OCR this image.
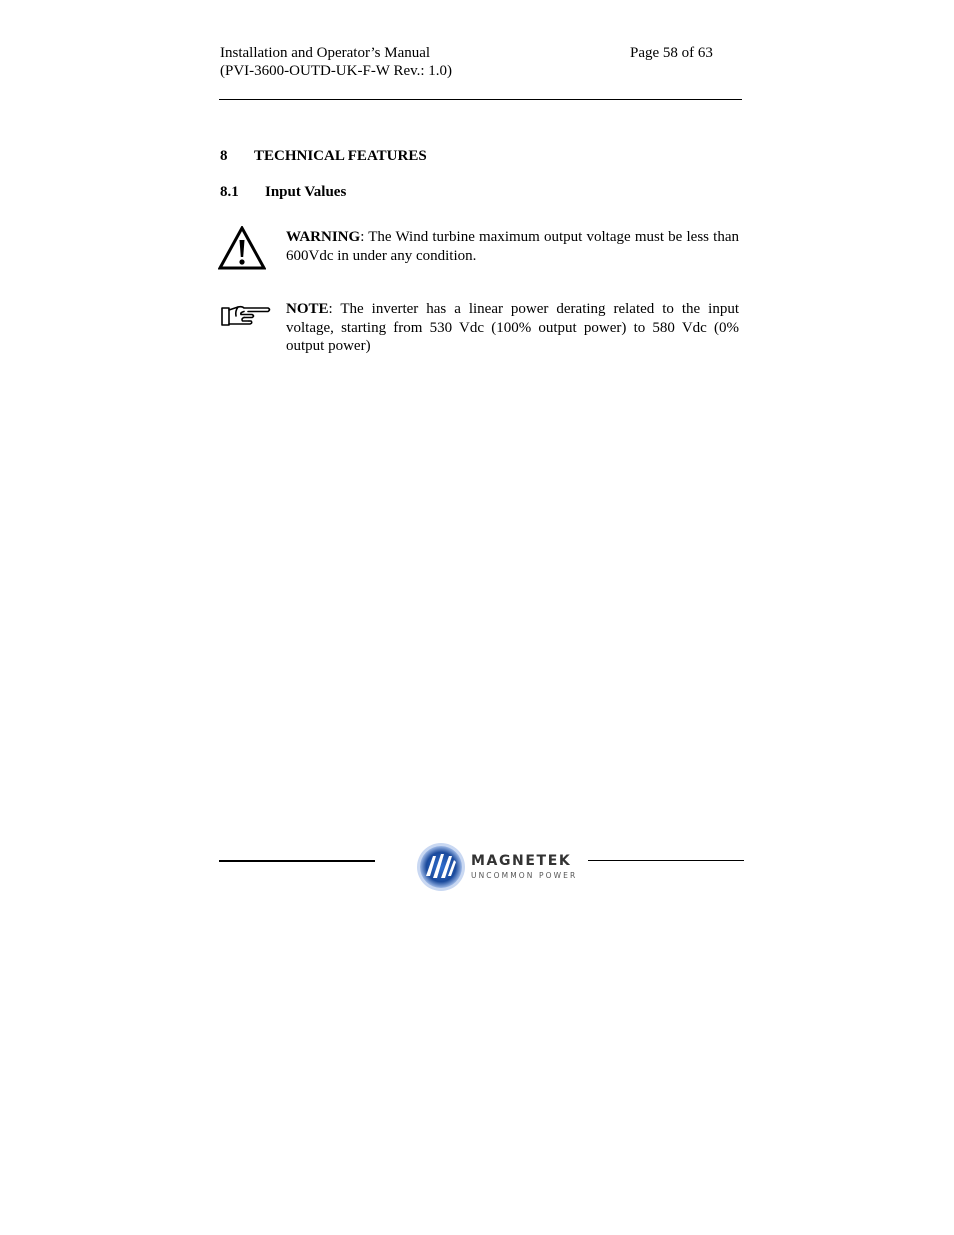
Installation and Operator’s Manual
(PVI-3600-OUTD-UK-F-W Rev.: 1.0)
Page 58 of 63
8 TECHNICAL FEATURES
8.1 Input Values
WARNING: The Wind turbine maximum output voltage must be less than 600Vdc in under any condition.
NOTE: The inverter has a linear power derating related to the input voltage, starting from 530 Vdc (100% output power) to 580 Vdc (0% output power)
MAGNETEK
UNCOMMON POWER
